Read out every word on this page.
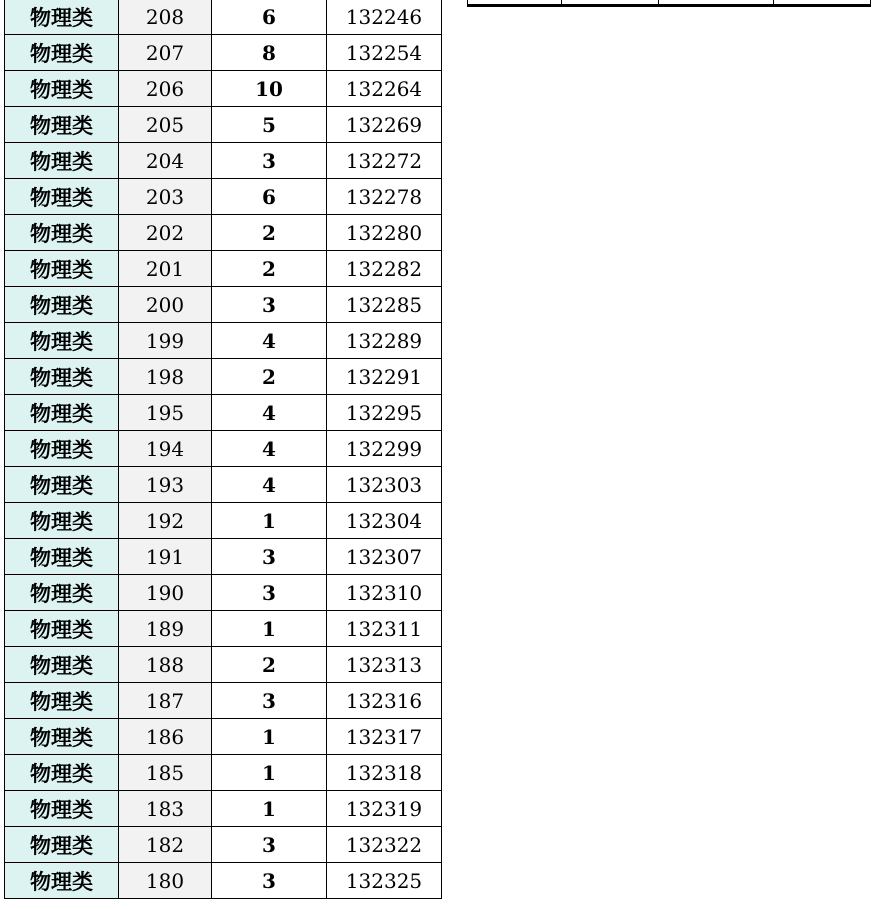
物理类	208	6	132246
物理类	207	8	132254
物理类	206	10	132264
物理类	205	5	132269
物理类	204	3	132272
物理类	203	6	132278
物理类	202	2	132280
物理类	201	2	132282
物理类	200	3	132285
物理类	199	4	132289
物理类	198	2	132291
物理类	195	4	132295
物理类	194	4	132299
物理类	193	4	132303
物理类	192	1	132304
物理类	191	3	132307
物理类	190	3	132310
物理类	189	1	132311
物理类	188	2	132313
物理类	187	3	132316
物理类	186	1	132317
物理类	185	1	132318
物理类	183	1	132319
物理类	182	3	132322
物理类	180	3	132325
